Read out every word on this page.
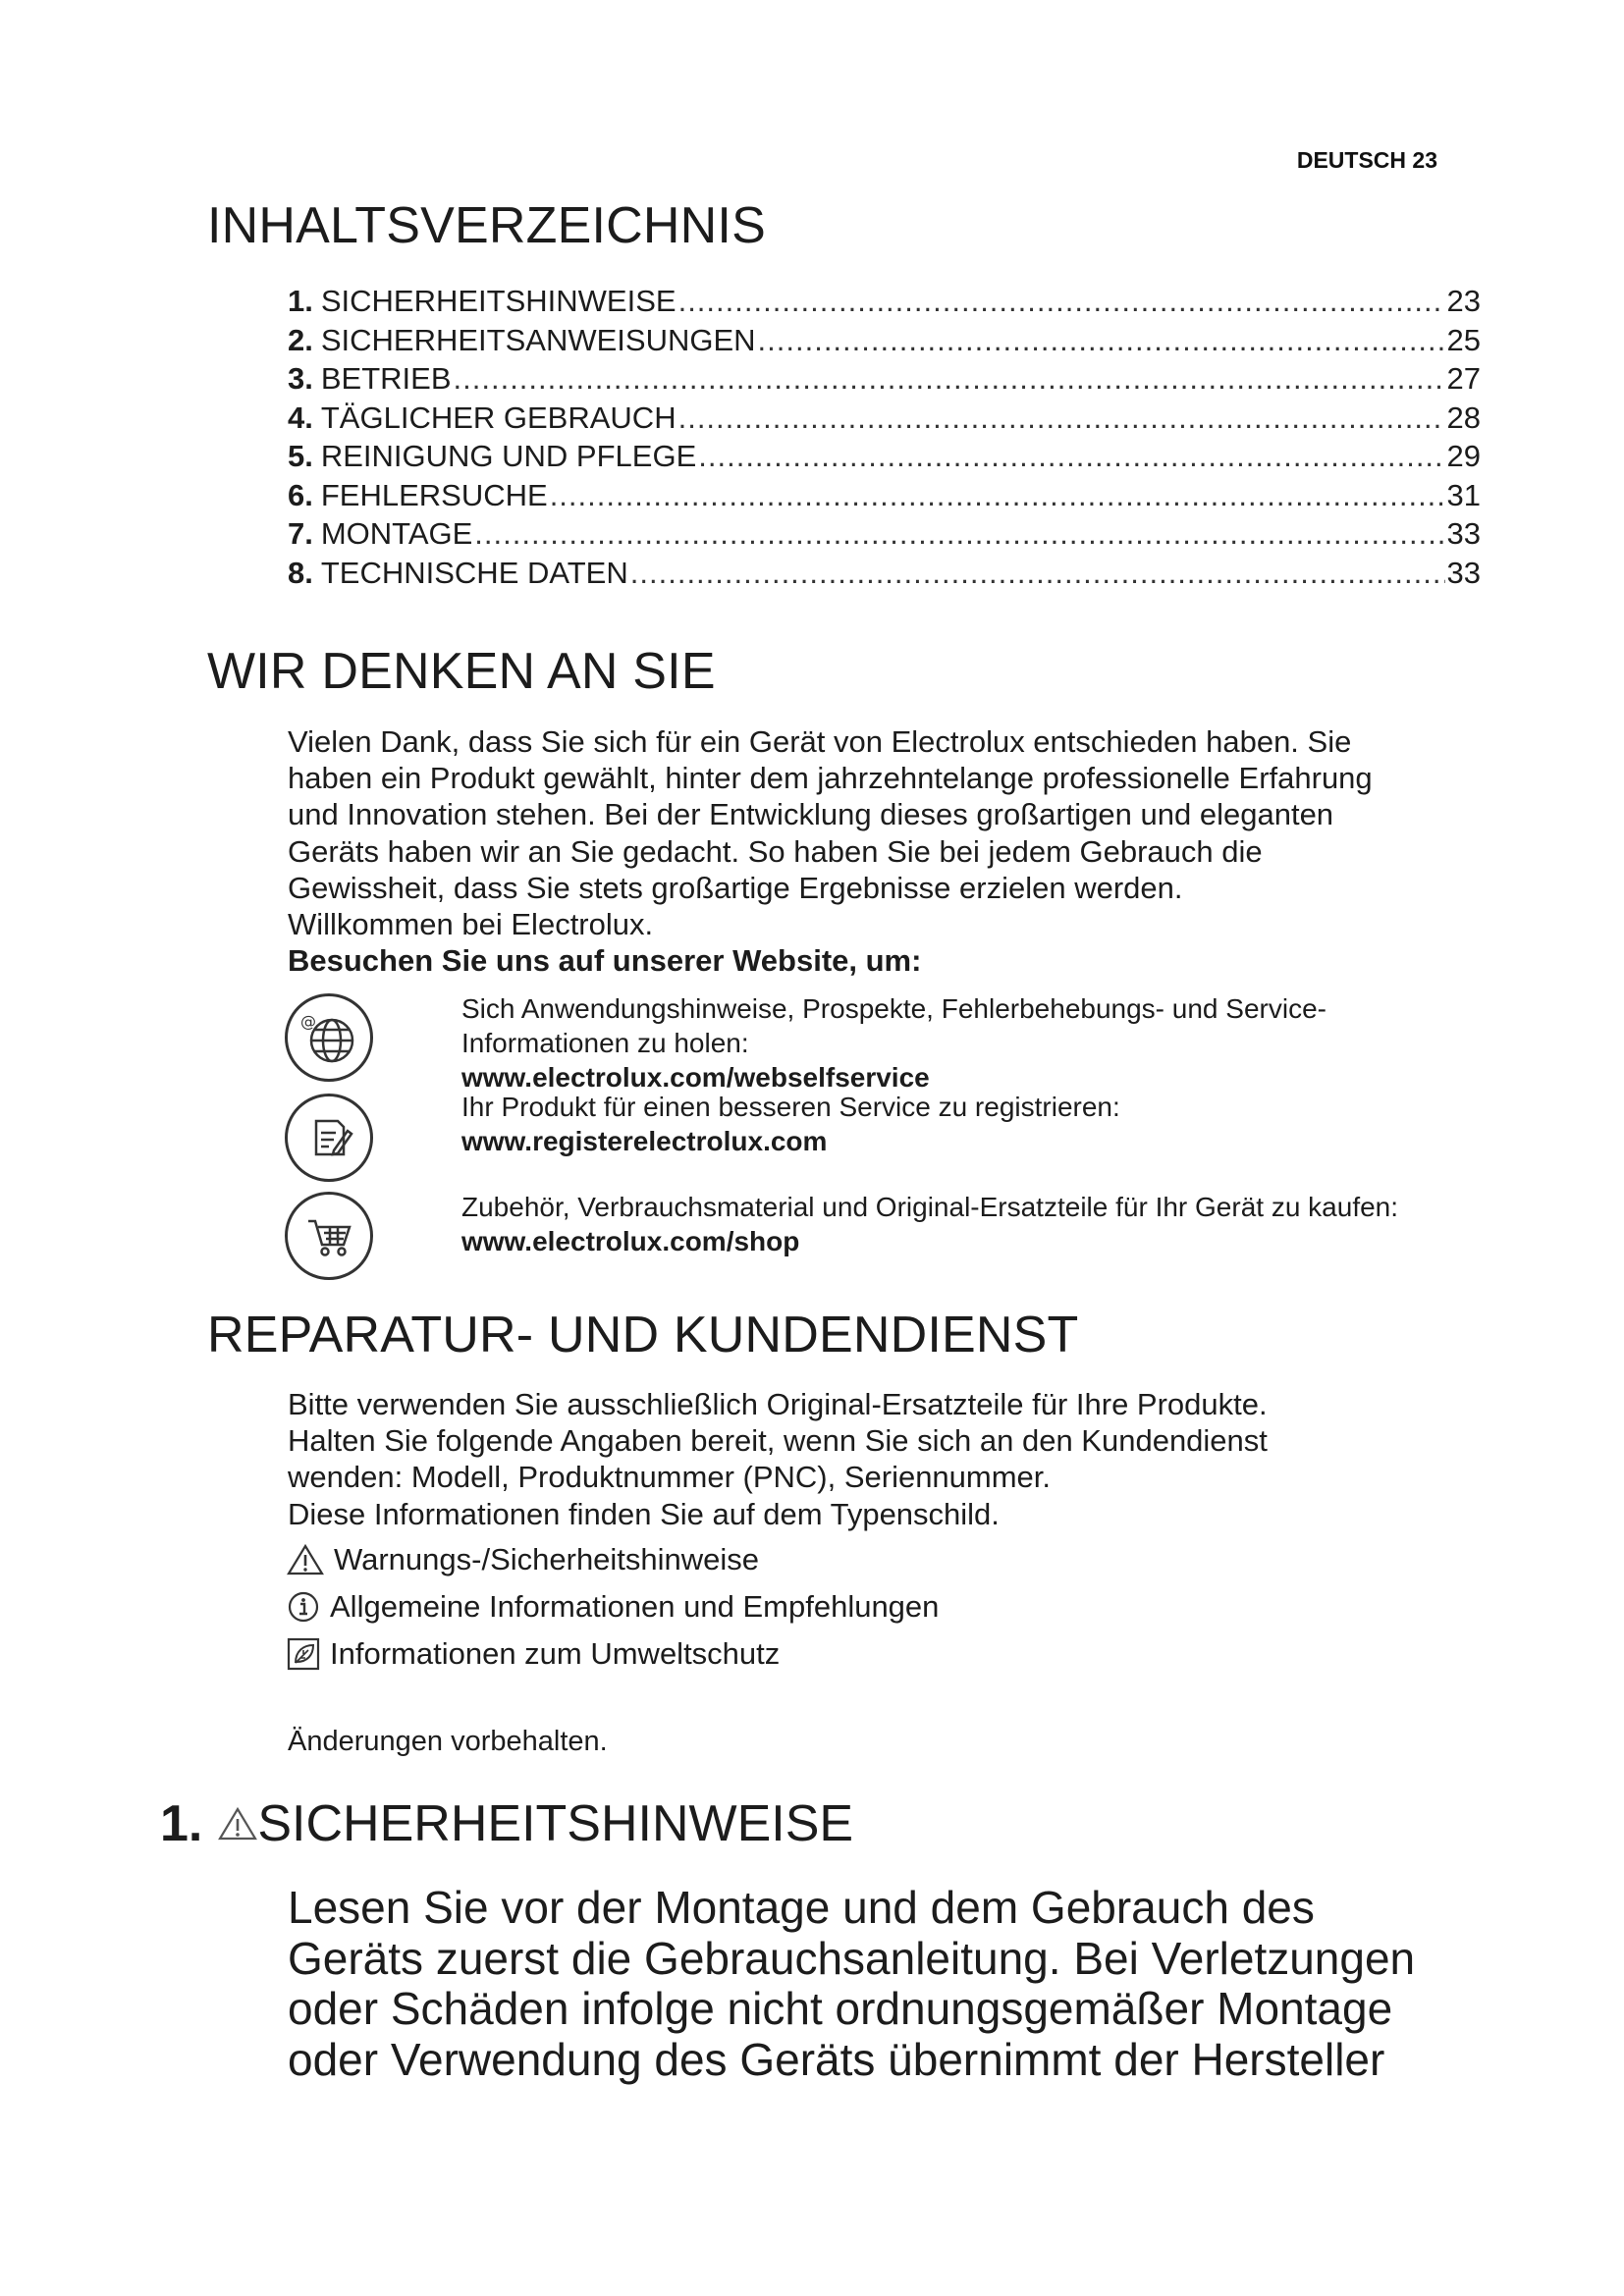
DEUTSCH 23
INHALTSVERZEICHNIS
1. SICHERHEITSHINWEISE .....	23
2. SICHERHEITSANWEISUNGEN .....	25
3. BETRIEB .....	27
4. TÄGLICHER GEBRAUCH .....	28
5. REINIGUNG UND PFLEGE .....	29
6. FEHLERSUCHE .....	31
7. MONTAGE .....	33
8. TECHNISCHE DATEN .....	33
WIR DENKEN AN SIE
Vielen Dank, dass Sie sich für ein Gerät von Electrolux entschieden haben. Sie
haben ein Produkt gewählt, hinter dem jahrzehntelange professionelle Erfahrung
und Innovation stehen. Bei der Entwicklung dieses großartigen und eleganten
Geräts haben wir an Sie gedacht. So haben Sie bei jedem Gebrauch die
Gewissheit, dass Sie stets großartige Ergebnisse erzielen werden.
Willkommen bei Electrolux.
Besuchen Sie uns auf unserer Website, um:
@	Sich Anwendungshinweise, Prospekte, Fehlerbehebungs- und Service-
Informationen zu holen:
www.electrolux.com/webselfservice
Ihr Produkt für einen besseren Service zu registrieren:
www.registerelectrolux.com
Zubehör, Verbrauchsmaterial und Original-Ersatzteile für Ihr Gerät zu kaufen:
www.electrolux.com/shop
REPARATUR- UND KUNDENDIENST
Bitte verwenden Sie ausschließlich Original-Ersatzteile für Ihre Produkte.
Halten Sie folgende Angaben bereit, wenn Sie sich an den Kundendienst
wenden: Modell, Produktnummer (PNC), Seriennummer.
Diese Informationen finden Sie auf dem Typenschild.
Warnungs-/Sicherheitshinweise
Allgemeine Informationen und Empfehlungen
Informationen zum Umweltschutz
Änderungen vorbehalten.
1. SICHERHEITSHINWEISE
Lesen Sie vor der Montage und dem Gebrauch des
Geräts zuerst die Gebrauchsanleitung. Bei Verletzungen
oder Schäden infolge nicht ordnungsgemäßer Montage
oder Verwendung des Geräts übernimmt der Hersteller
